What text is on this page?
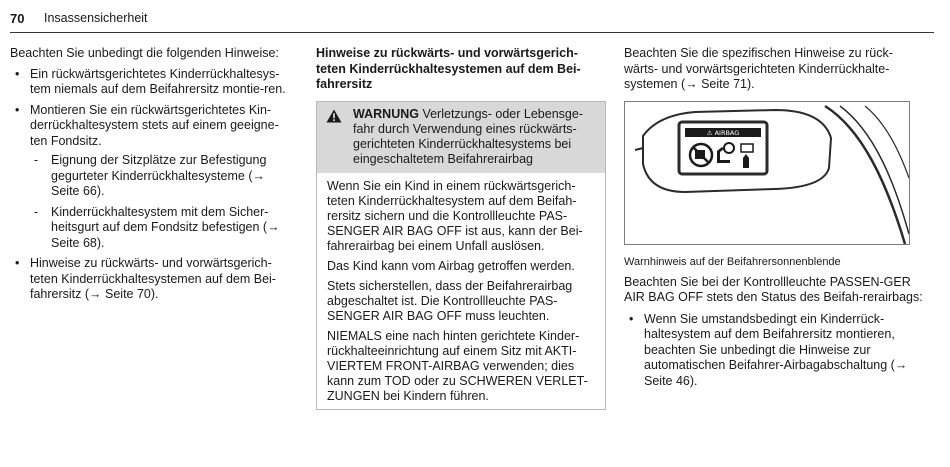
70 Insassensicherheit

Beachten Sie unbedingt die folgenden Hinweise:

• Ein rückwärtsgerichtetes Kinderrückhaltesys-tem niemals auf dem Beifahrersitz montie-ren.
• Montieren Sie ein rückwärtsgerichtetes Kin-derrückhaltesystem stets auf einem geeigne-ten Fondsitz.
- Eignung der Sitzplätze zur Befestigung gegurteter Kinderrückhaltesysteme (→ Seite 66).
- Kinderrückhaltesystem mit dem Sicher-heitsgurt auf dem Fondsitz befestigen (→ Seite 68).
• Hinweise zu rückwärts- und vorwärtsgerich-teten Kinderrückhaltesystemen auf dem Bei-fahrersitz (→ Seite 70).
Hinweise zu rückwärts- und vorwärtsgerich-teten Kinderrückhaltesystemen auf dem Bei-fahrersitz
WARNUNG Verletzungs- oder Lebensge-fahr durch Verwendung eines rückwärts-gerichteten Kinderrückhaltesystems bei eingeschaltetem Beifahrerairbag

Wenn Sie ein Kind in einem rückwärtsgerich-teten Kinderrückhaltesystem auf dem Beifah-rersitz sichern und die Kontrollleuchte PAS-SENGER AIR BAG OFF ist aus, kann der Bei-fahrerairbag bei einem Unfall auslösen.

Das Kind kann vom Airbag getroffen werden.

Stets sicherstellen, dass der Beifahrerairbag abgeschaltet ist. Die Kontrollleuchte PAS-SENGER AIR BAG OFF muss leuchten.

NIEMALS eine nach hinten gerichtete Kinder-rückhalteeinrichtung auf einem Sitz mit AKTI-VIERTEM FRONT-AIRBAG verwenden; dies kann zum TOD oder zu SCHWEREN VERLET-ZUNGEN bei Kindern führen.

Beachten Sie die spezifischen Hinweise zu rück-wärts- und vorwärtsgerichteten Kinderrückhalte-systemen (→ Seite 71).

⚠ AIRBAG

Warnhinweis auf der Beifahrersonnenblende

Beachten Sie bei der Kontrollleuchte PASSEN-GER AIR BAG OFF stets den Status des Beifah-rerairbags:

• Wenn Sie umstandsbedingt ein Kinderrück-haltesystem auf dem Beifahrersitz montieren, beachten Sie unbedingt die Hinweise zur automatischen Beifahrer-Airbagabschaltung (→ Seite 46).
